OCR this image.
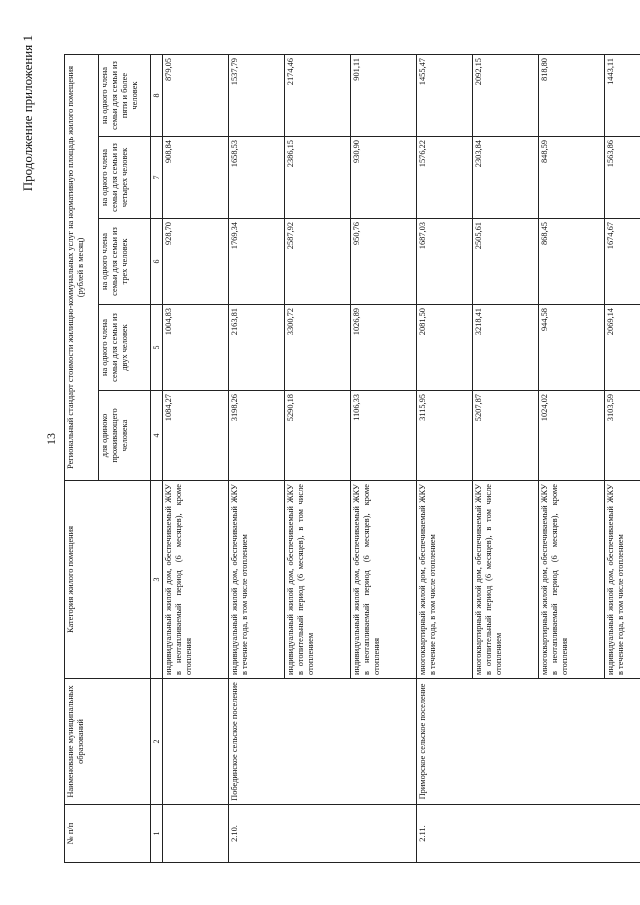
13
Продолжение приложения 1
№ п/п	Наименование муниципальных образований	Категория жилого помещения	Региональный стандарт стоимости жилищно-коммунальных услуг на нормативную площадь жилого помещения (рублей в месяц)				
			для одиноко проживающего человека	на одного члена семьи для семьи из двух человек	на одного члена семьи для семьи из трех человек	на одного члена семьи для семьи из четырех человек	на одного члена семьи для семьи из пяти и более человек
1	2	3	4	5	6	7	8
		индивидуальный жилой дом, обеспечиваемый ЖКУ в неотапливаемый период (6 месяцев), кроме отопления	1084,27	1004,83	928,70	908,84	879,05
2.10.	Побединское сельское поселение	индивидуальный жилой дом, обеспечиваемый ЖКУ в течение года, в том числе отоплением	3198,26	2163,81	1769,34	1658,53	1537,79
		индивидуальный жилой дом, обеспечиваемый ЖКУ в отопительный период (6 месяцев), в том числе отоплением	5290,18	3300,72	2587,92	2386,15	2174,46
		индивидуальный жилой дом, обеспечиваемый ЖКУ в неотапливаемый период (6 месяцев), кроме отопления	1106,33	1026,89	950,76	930,90	901,11
2.11.	Приморское сельское поселение	многоквартирный жилой дом, обеспечиваемый ЖКУ в течение года, в том числе отоплением	3115,95	2081,50	1687,03	1576,22	1455,47
		многоквартирный жилой дом, обеспечиваемый ЖКУ в отопительный период (6 месяцев), в том числе отоплением	5207,87	3218,41	2505,61	2303,84	2092,15
		многоквартирный жилой дом, обеспечиваемый ЖКУ в неотапливаемый период (6 месяцев), кроме отопления	1024,02	944,58	868,45	848,59	818,80
		индивидуальный жилой дом, обеспечиваемый ЖКУ в течение года, в том числе отоплением	3103,59	2069,14	1674,67	1563,86	1443,11
